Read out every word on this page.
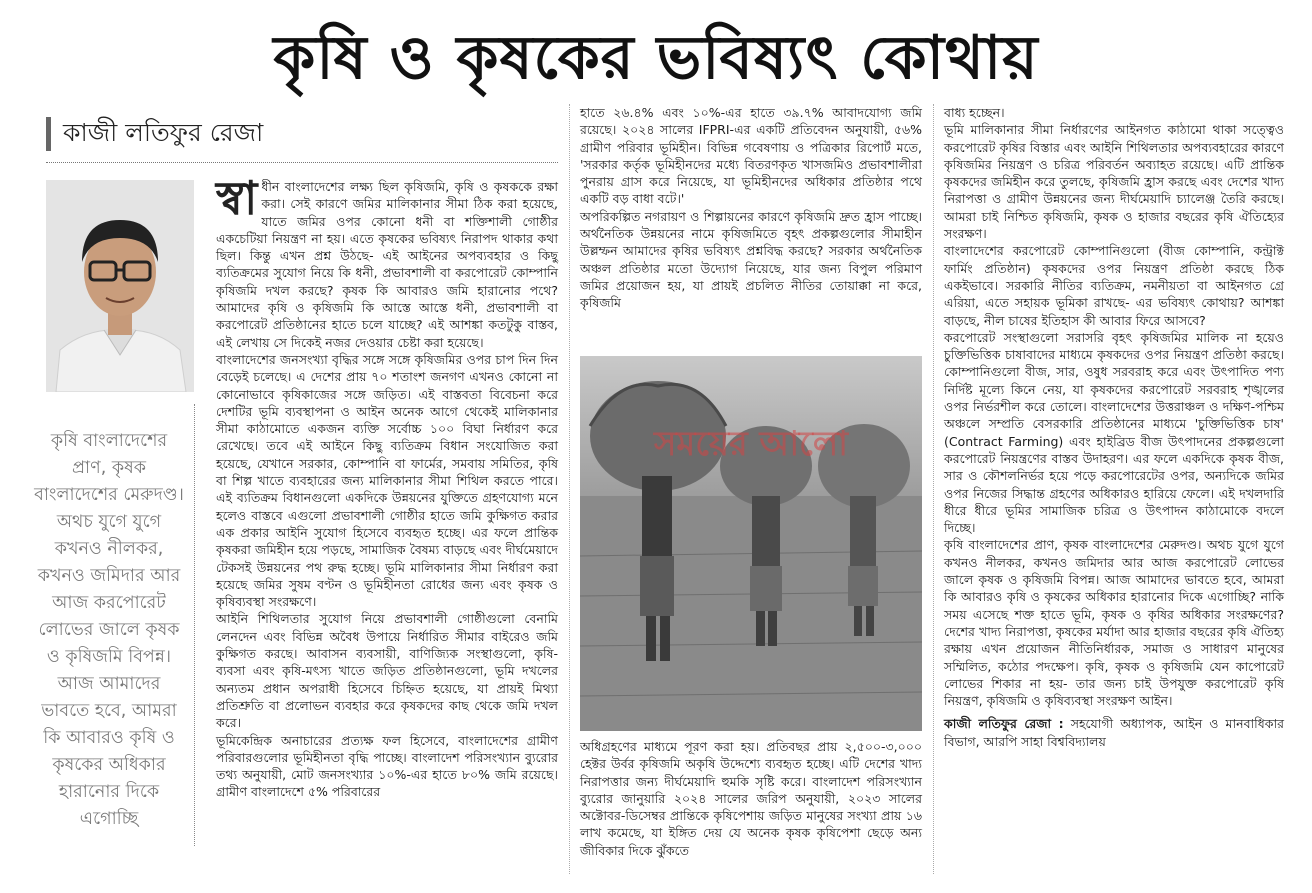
কৃষি ও কৃষকের ভবিষ্যৎ কোথায়
কাজী লতিফুর রেজা
কৃষি বাংলাদেশের প্রাণ, কৃষক বাংলাদেশের মেরুদণ্ড। অথচ যুগে যুগে কখনও নীলকর, কখনও জমিদার আর আজ করপোরেট লোভের জালে কৃষক ও কৃষিজমি বিপন্ন। আজ আমাদের ভাবতে হবে, আমরা কি আবারও কৃষি ও কৃষকের অধিকার হারানোর দিকে এগোচ্ছি

স্বা ধীন বাংলাদেশের লক্ষ্য ছিল কৃষিজমি, কৃষি ও কৃষককে রক্ষা করা। সেই কারণে জমির মালিকানার সীমা ঠিক করা হয়েছে, যাতে জমির ওপর কোনো ধনী বা শক্তিশালী গোষ্ঠীর একচেটিয়া নিয়ন্ত্রণ না হয়। এতে কৃষকের ভবিষ্যৎ নিরাপদ থাকার কথা ছিল। কিন্তু এখন প্রশ্ন উঠছে- এই আইনের অপব্যবহার ও কিছু ব্যতিক্রমের সুযোগ নিয়ে কি ধনী, প্রভাবশালী বা করপোরেট কোম্পানি কৃষিজমি দখল করছে? কৃষক কি আবারও জমি হারানোর পথে? আমাদের কৃষি ও কৃষিজমি কি আস্তে আস্তে ধনী, প্রভাবশালী বা করপোরেট প্রতিষ্ঠানের হাতে চলে যাচ্ছে? এই আশঙ্কা কতটুকু বাস্তব, এই লেখায় সে দিকেই নজর দেওয়ার চেষ্টা করা হয়েছে।

বাংলাদেশের জনসংখ্যা বৃদ্ধির সঙ্গে সঙ্গে কৃষিজমির ওপর চাপ দিন দিন বেড়েই চলেছে। এ দেশের প্রায় ৭০ শতাংশ জনগণ এখনও কোনো না কোনোভাবে কৃষিকাজের সঙ্গে জড়িত। এই বাস্তবতা বিবেচনা করে দেশটির ভূমি ব্যবস্থাপনা ও আইন অনেক আগে থেকেই মালিকানার সীমা কাঠামোতে একজন ব্যক্তি সর্বোচ্চ ১০০ বিঘা নির্ধারণ করে রেখেছে। তবে এই আইনে কিছু ব্যতিক্রম বিধান সংযোজিত করা হয়েছে, যেখানে সরকার, কোম্পানি বা ফার্মের, সমবায় সমিতির, কৃষি বা শিল্প খাতে ব্যবহারের জন্য মালিকানার সীমা শিথিল করতে পারে। এই ব্যতিক্রম বিধানগুলো একদিকে উন্নয়নের যুক্তিতে গ্রহণযোগ্য মনে হলেও বাস্তবে এগুলো প্রভাবশালী গোষ্ঠীর হাতে জমি কুক্ষিগত করার এক প্রকার আইনি সুযোগ হিসেবে ব্যবহৃত হচ্ছে। এর ফলে প্রান্তিক কৃষকরা জমিহীন হয়ে পড়ছে, সামাজিক বৈষম্য বাড়ছে এবং দীর্ঘমেয়াদে টেকসই উন্নয়নের পথ রুদ্ধ হচ্ছে। ভূমি মালিকানার সীমা নির্ধারণ করা হয়েছে জমির সুষম বণ্টন ও ভূমিহীনতা রোধের জন্য এবং কৃষক ও কৃষিব্যবস্থা সংরক্ষণে।

আইনি শিথিলতার সুযোগ নিয়ে প্রভাবশালী গোষ্ঠীগুলো বেনামি লেনদেন এবং বিভিন্ন অবৈধ উপায়ে নির্ধারিত সীমার বাইরেও জমি কুক্ষিগত করছে। আবাসন ব্যবসায়ী, বাণিজ্যিক সংস্থাগুলো, কৃষি-ব্যবসা এবং কৃষি-মৎস্য খাতে জড়িত প্রতিষ্ঠানগুলো, ভূমি দখলের অন্যতম প্রধান অপরাধী হিসেবে চিহ্নিত হয়েছে, যা প্রায়ই মিথ্যা প্রতিশ্রুতি বা প্রলোভন ব্যবহার করে কৃষকদের কাছ থেকে জমি দখল করে।

ভূমিকেন্দ্রিক অনাচারের প্রত্যক্ষ ফল হিসেবে, বাংলাদেশের গ্রামীণ পরিবারগুলোর ভূমিহীনতা বৃদ্ধি পাচ্ছে। বাংলাদেশ পরিসংখ্যান ব্যুরোর তথ্য অনুযায়ী, মোট জনসংখ্যার ১০%-এর হাতে ৮০% জমি রয়েছে। গ্রামীণ বাংলাদেশে ৫% পরিবারের

হাতে ২৬.৪% এবং ১০%-এর হাতে ৩৯.৭% আবাদযোগ্য জমি রয়েছে। ২০২৪ সালের IFPRI-এর একটি প্রতিবেদন অনুযায়ী, ৫৬% গ্রামীণ পরিবার ভূমিহীন। বিভিন্ন গবেষণায় ও পত্রিকার রিপোর্ট মতে, 'সরকার কর্তৃক ভূমিহীনদের মধ্যে বিতরণকৃত খাসজমিও প্রভাবশালীরা পুনরায় গ্রাস করে নিয়েছে, যা ভূমিহীনদের অধিকার প্রতিষ্ঠার পথে একটি বড় বাধা বটে।'

অপরিকল্পিত নগরায়ণ ও শিল্পায়নের কারণে কৃষিজমি দ্রুত হ্রাস পাচ্ছে। অর্থনৈতিক উন্নয়নের নামে কৃষিজমিতে বৃহৎ প্রকল্পগুলোর সীমাহীন উল্লম্ফন আমাদের কৃষির ভবিষ্যৎ প্রশ্নবিদ্ধ করছে? সরকার অর্থনৈতিক অঞ্চল প্রতিষ্ঠার মতো উদ্যোগ নিয়েছে, যার জন্য বিপুল পরিমাণ জমির প্রয়োজন হয়, যা প্রায়ই প্রচলিত নীতির তোয়াক্কা না করে, কৃষিজমি

সময়ের আলো

অধিগ্রহণের মাধ্যমে পূরণ করা হয়। প্রতিবছর প্রায় ২,৫০০-৩,০০০ হেক্টর উর্বর কৃষিজমি অকৃষি উদ্দেশ্যে ব্যবহৃত হচ্ছে। এটি দেশের খাদ্য নিরাপত্তার জন্য দীর্ঘমেয়াদি হুমকি সৃষ্টি করে। বাংলাদেশ পরিসংখ্যান ব্যুরোর জানুয়ারি ২০২৪ সালের জরিপ অনুযায়ী, ২০২৩ সালের অক্টোবর-ডিসেম্বর প্রান্তিকে কৃষিপেশায় জড়িত মানুষের সংখ্যা প্রায় ১৬ লাখ কমেছে, যা ইঙ্গিত দেয় যে অনেক কৃষক কৃষিপেশা ছেড়ে অন্য জীবিকার দিকে ঝুঁকতে

বাধ্য হচ্ছেন।

ভূমি মালিকানার সীমা নির্ধারণের আইনগত কাঠামো থাকা সত্ত্বেও করপোরেট কৃষির বিস্তার এবং আইনি শিথিলতার অপব্যবহারের কারণে কৃষিজমির নিয়ন্ত্রণ ও চরিত্র পরিবর্তন অব্যাহত রয়েছে। এটি প্রান্তিক কৃষকদের জমিহীন করে তুলছে, কৃষিজমি হ্রাস করছে এবং দেশের খাদ্য নিরাপত্তা ও গ্রামীণ উন্নয়নের জন্য দীর্ঘমেয়াদি চ্যালেঞ্জ তৈরি করছে। আমরা চাই নিশ্চিত কৃষিজমি, কৃষক ও হাজার বছরের কৃষি ঐতিহ্যের সংরক্ষণ।

বাংলাদেশের করপোরেট কোম্পানিগুলো (বীজ কোম্পানি, কন্ট্রাক্ট ফার্মিং প্রতিষ্ঠান) কৃষকদের ওপর নিয়ন্ত্রণ প্রতিষ্ঠা করছে ঠিক একইভাবে। সরকারি নীতির ব্যতিক্রম, নমনীয়তা বা আইনগত গ্রে এরিয়া, এতে সহায়ক ভূমিকা রাখছে- এর ভবিষ্যৎ কোথায়? আশঙ্কা বাড়ছে, নীল চাষের ইতিহাস কী আবার ফিরে আসবে?

করপোরেট সংস্থাগুলো সরাসরি বৃহৎ কৃষিজমির মালিক না হয়েও চুক্তিভিত্তিক চাষাবাদের মাধ্যমে কৃষকদের ওপর নিয়ন্ত্রণ প্রতিষ্ঠা করছে। কোম্পানিগুলো বীজ, সার, ওষুধ সরবরাহ করে এবং উৎপাদিত পণ্য নির্দিষ্ট মূল্যে কিনে নেয়, যা কৃষকদের করপোরেট সরবরাহ শৃঙ্খলের ওপর নির্ভরশীল করে তোলে। বাংলাদেশের উত্তরাঞ্চল ও দক্ষিণ-পশ্চিম অঞ্চলে সম্প্রতি বেসরকারি প্রতিষ্ঠানের মাধ্যমে 'চুক্তিভিত্তিক চাষ' (Contract Farming) এবং হাইব্রিড বীজ উৎপাদনের প্রকল্পগুলো করপোরেট নিয়ন্ত্রণের বাস্তব উদাহরণ। এর ফলে একদিকে কৃষক বীজ, সার ও কৌশলনির্ভর হয়ে পড়ে করপোরেটের ওপর, অন্যদিকে জমির ওপর নিজের সিদ্ধান্ত গ্রহণের অধিকারও হারিয়ে ফেলে। এই দখলদারি ধীরে ধীরে ভূমির সামাজিক চরিত্র ও উৎপাদন কাঠামোকে বদলে দিচ্ছে।

কৃষি বাংলাদেশের প্রাণ, কৃষক বাংলাদেশের মেরুদণ্ড। অথচ যুগে যুগে কখনও নীলকর, কখনও জমিদার আর আজ করপোরেট লোভের জালে কৃষক ও কৃষিজমি বিপন্ন। আজ আমাদের ভাবতে হবে, আমরা কি আবারও কৃষি ও কৃষকের অধিকার হারানোর দিকে এগোচ্ছি? নাকি সময় এসেছে শক্ত হাতে ভূমি, কৃষক ও কৃষির অধিকার সংরক্ষণের? দেশের খাদ্য নিরাপত্তা, কৃষকের মর্যাদা আর হাজার বছরের কৃষি ঐতিহ্য রক্ষায় এখন প্রয়োজন নীতিনির্ধারক, সমাজ ও সাধারণ মানুষের সম্মিলিত, কঠোর পদক্ষেপ। কৃষি, কৃষক ও কৃষিজমি যেন কাপোরেট লোভের শিকার না হয়- তার জন্য চাই উপযুক্ত করপোরেট কৃষি নিয়ন্ত্রণ, কৃষিজমি ও কৃষিব্যবস্থা সংরক্ষণ আইন।

কাজী লতিফুর রেজা : সহযোগী অধ্যাপক, আইন ও মানবাধিকার বিভাগ, আরপি সাহা বিশ্ববিদ্যালয়
